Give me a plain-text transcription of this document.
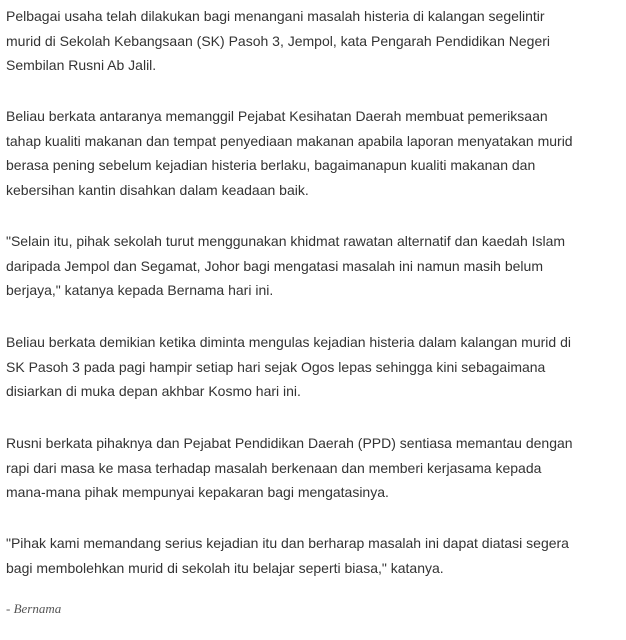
Pelbagai usaha telah dilakukan bagi menangani masalah histeria di kalangan segelintir
murid di Sekolah Kebangsaan (SK) Pasoh 3, Jempol, kata Pengarah Pendidikan Negeri
Sembilan Rusni Ab Jalil.

Beliau berkata antaranya memanggil Pejabat Kesihatan Daerah membuat pemeriksaan
tahap kualiti makanan dan tempat penyediaan makanan apabila laporan menyatakan murid
berasa pening sebelum kejadian histeria berlaku, bagaimanapun kualiti makanan dan
kebersihan kantin disahkan dalam keadaan baik.

"Selain itu, pihak sekolah turut menggunakan khidmat rawatan alternatif dan kaedah Islam
daripada Jempol dan Segamat, Johor bagi mengatasi masalah ini namun masih belum
berjaya," katanya kepada Bernama hari ini.

Beliau berkata demikian ketika diminta mengulas kejadian histeria dalam kalangan murid di
SK Pasoh 3 pada pagi hampir setiap hari sejak Ogos lepas sehingga kini sebagaimana
disiarkan di muka depan akhbar Kosmo hari ini.

Rusni berkata pihaknya dan Pejabat Pendidikan Daerah (PPD) sentiasa memantau dengan
rapi dari masa ke masa terhadap masalah berkenaan dan memberi kerjasama kepada
mana-mana pihak mempunyai kepakaran bagi mengatasinya.

"Pihak kami memandang serius kejadian itu dan berharap masalah ini dapat diatasi segera
bagi membolehkan murid di sekolah itu belajar seperti biasa," katanya.

- Bernama
